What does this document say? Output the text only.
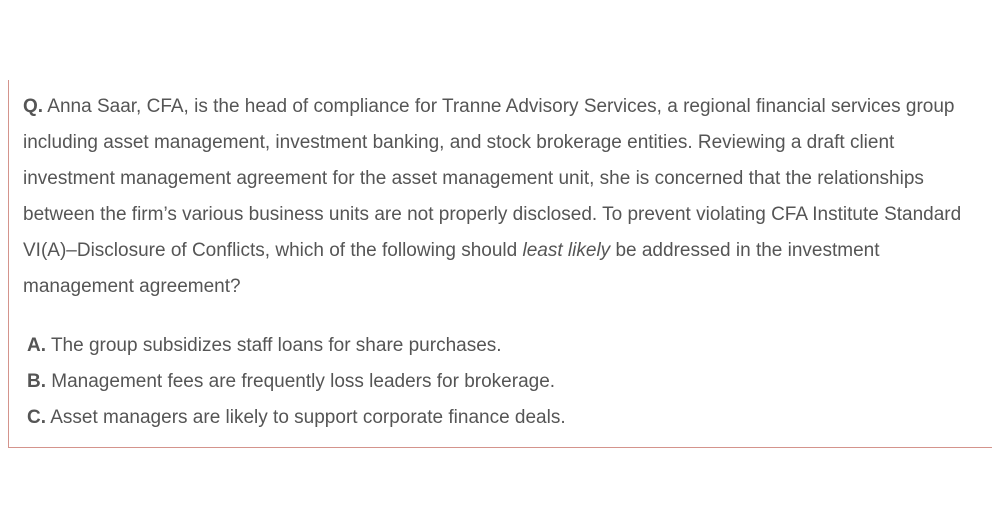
Q. Anna Saar, CFA, is the head of compliance for Tranne Advisory Services, a regional financial services group including asset management, investment banking, and stock brokerage entities. Reviewing a draft client investment management agreement for the asset management unit, she is concerned that the relationships between the firm’s various business units are not properly disclosed. To prevent violating CFA Institute Standard VI(A)–Disclosure of Conflicts, which of the following should least likely be addressed in the investment management agreement?

A. The group subsidizes staff loans for share purchases.
B. Management fees are frequently loss leaders for brokerage.
C. Asset managers are likely to support corporate finance deals.
